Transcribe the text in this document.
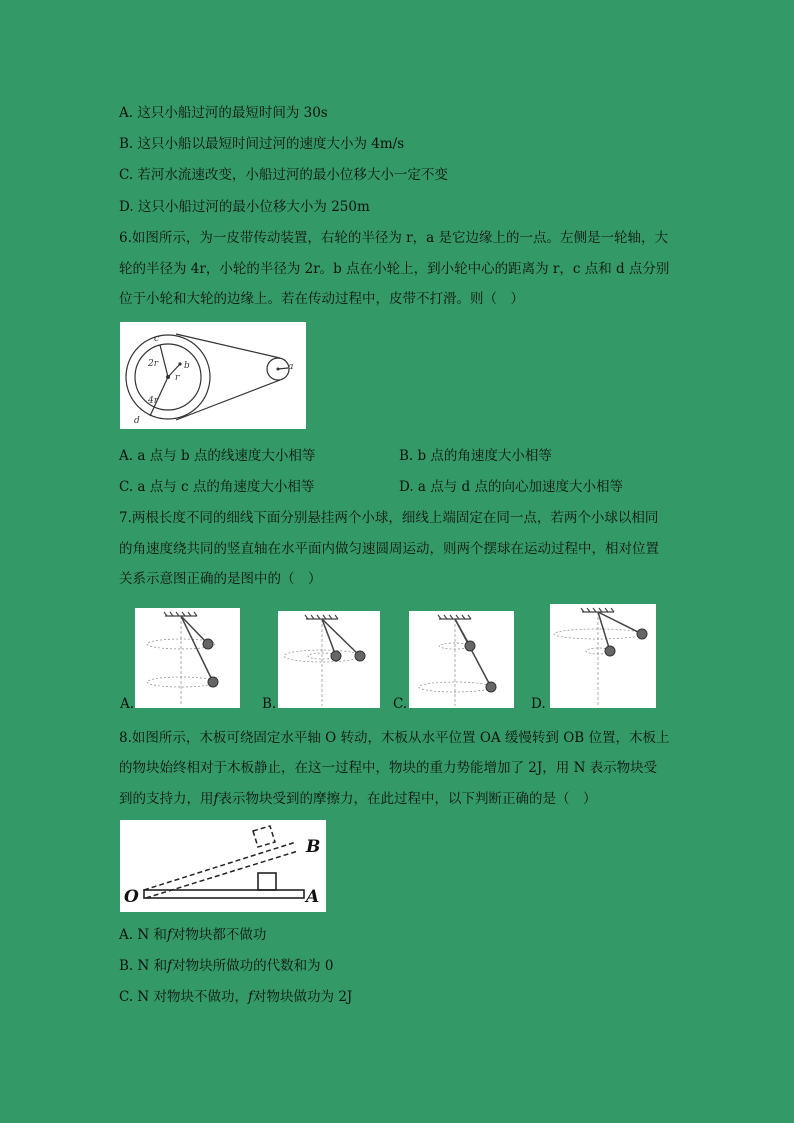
A. 这只小船过河的最短时间为 30s
B. 这只小船以最短时间过河的速度大小为 4m/s
C. 若河水流速改变，小船过河的最小位移大小一定不变
D. 这只小船过河的最小位移大小为 250m
6.如图所示，为一皮带传动装置，右轮的半径为 r，a 是它边缘上的一点。左侧是一轮轴，大
轮的半径为 4r，小轮的半径为 2r。b 点在小轮上，到小轮中心的距离为 r，c 点和 d 点分别
位于小轮和大轮的边缘上。若在传动过程中，皮带不打滑。则（　）
c
2r
r
b
d
4r
a
A. a 点与 b 点的线速度大小相等	B. b 点的角速度大小相等
C. a 点与 c 点的角速度大小相等	D. a 点与 d 点的向心加速度大小相等
7.两根长度不同的细线下面分别悬挂两个小球，细线上端固定在同一点，若两个小球以相同
的角速度绕共同的竖直轴在水平面内做匀速圆周运动，则两个摆球在运动过程中，相对位置
关系示意图正确的是图中的（　）
A.	B.	C.	D.
8.如图所示，木板可绕固定水平轴 O 转动，木板从水平位置 OA 缓慢转到 OB 位置，木板上
的物块始终相对于木板静止，在这一过程中，物块的重力势能增加了 2J，用 N 表示物块受
到的支持力，用f表示物块受到的摩擦力，在此过程中，以下判断正确的是（　）
O	A
B
A. N 和f对物块都不做功
B. N 和f对物块所做功的代数和为 0
C. N 对物块不做功，f对物块做功为 2J
